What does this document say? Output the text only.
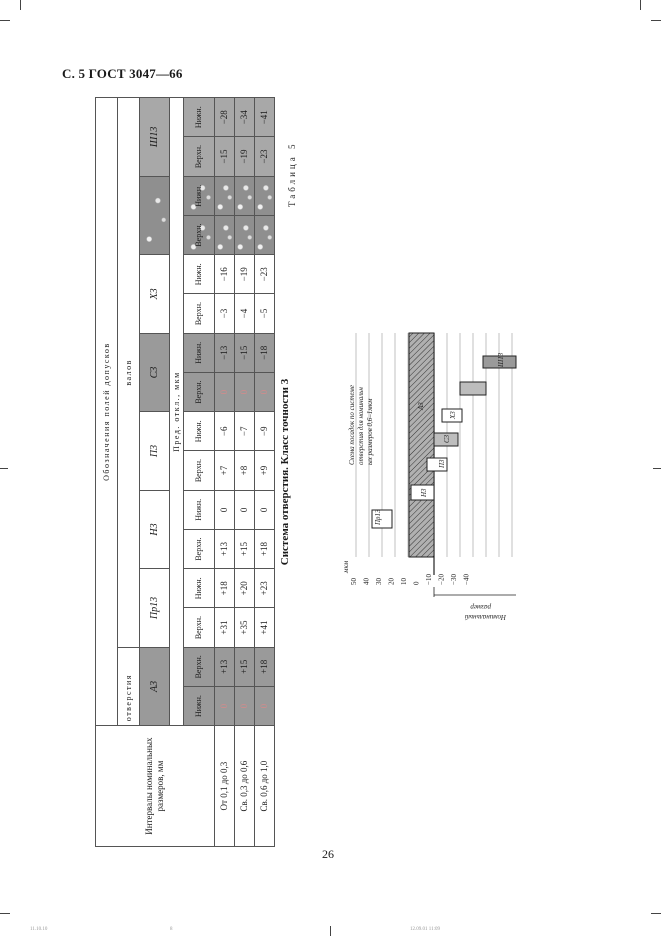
С. 5 ГОСТ 3047—66
Интервалы номинальных размеров, мм	Обозначения полей допусков															
	отверстия		валов													
	A3		Пр13		H3		П3		C3		X3				Ш13	
	Пред. откл., мкм															
	Нижн.	Верхн.	Верхн.	Нижн.	Верхн.	Нижн.	Верхн.	Нижн.	Верхн.	Нижн.	Верхн.	Нижн.	Верхн.	Нижн.	Верхн.	Нижн.
От 0,1 до 0,3	0	+13	+31	+18	+13	0	+7	−6	0	−13	−3	−16			−15	−28
Св. 0,3 до 0,6	0	+15	+35	+20	+15	0	+8	−7	0	−15	−4	−19			−19	−34
Св. 0,6 до 1,0	0	+18	+41	+23	+18	0	+9	−9	0	−18	−5	−23			−23	−41
Система отверстия. Класс точности 3
Таблица 5
Схема посадок по системе отверстия для номинальн ых размеров 0,6–1мкм
H3
П3
Пр13
X3
C3
A3
Ш13
50 40 30 20 10 0 −10 −20 −30 −40
мкм
Номинальный
размер
26
11.10.10	8	12.09.01 11:09
